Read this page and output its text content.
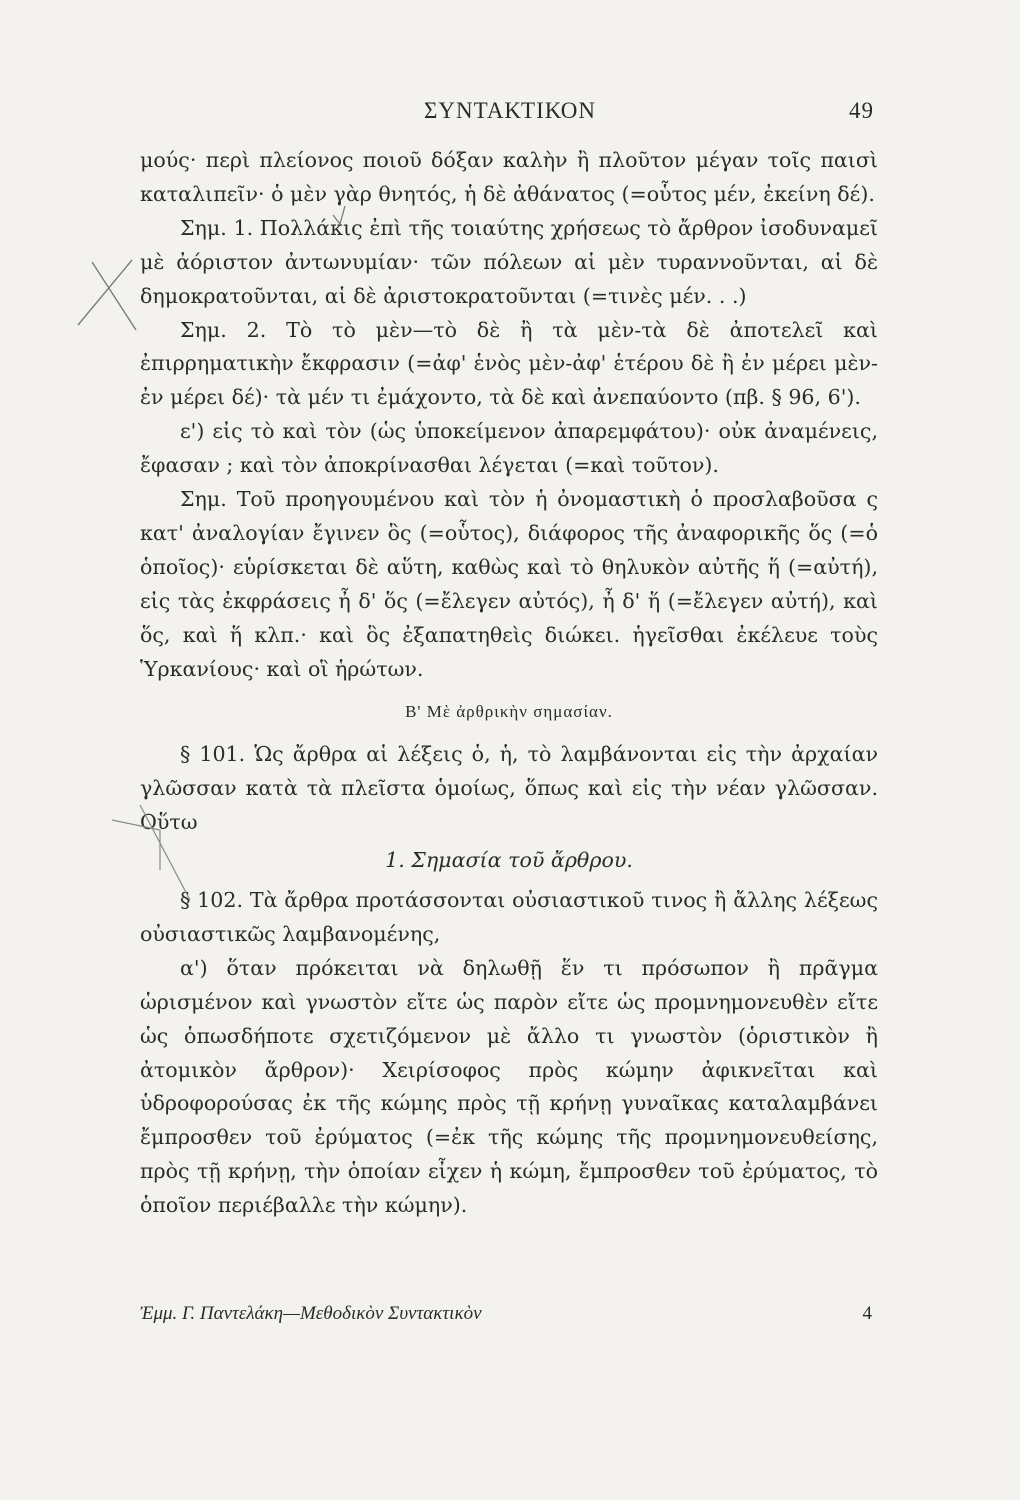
ΣΥΝΤΑΚΤΙΚΟΝ	49

μούς· περὶ πλείονος ποιοῦ δόξαν καλὴν ἢ πλοῦτον μέγαν τοῖς παισὶ καταλιπεῖν· ὁ μὲν γὰρ θνητός, ἡ δὲ ἀθάνατος (=οὗτος μέν, ἐκείνη δέ).

Σημ. 1. Πολλάκις ἐπὶ τῆς τοιαύτης χρήσεως τὸ ἄρθρον ἰσοδυναμεῖ μὲ ἀόριστον ἀντωνυμίαν· τῶν πόλεων αἱ μὲν τυραννοῦνται, αἱ δὲ δημοκρατοῦνται, αἱ δὲ ἀριστοκρατοῦνται (=τινὲς μέν. . .)

Σημ. 2. Τὸ τὸ μὲν—τὸ δὲ ἢ τὰ μὲν-τὰ δὲ ἀποτελεῖ καὶ ἐπιρρηματικὴν ἔκφρασιν (=ἀφ' ἑνὸς μὲν-ἀφ' ἑτέρου δὲ ἢ ἐν μέρει μὲν-ἐν μέρει δέ)· τὰ μέν τι ἐμάχοντο, τὰ δὲ καὶ ἀνεπαύοντο (πβ. § 96, 6').

ε') εἰς τὸ καὶ τὸν (ὡς ὑποκείμενον ἀπαρεμφάτου)· οὐκ ἀναμένεις, ἔφασαν ; καὶ τὸν ἀποκρίνασθαι λέγεται (=καὶ τοῦτον).

Σημ. Τοῦ προηγουμένου καὶ τὸν ἡ ὀνομαστικὴ ὁ προσλαβοῦσα ς κατ' ἀναλογίαν ἔγινεν ὃς (=οὗτος), διάφορος τῆς ἀναφορικῆς ὅς (=ὁ ὁποῖος)· εὑρίσκεται δὲ αὕτη, καθὼς καὶ τὸ θηλυκὸν αὐτῆς ἥ (=αὐτή), εἰς τὰς ἐκφράσεις ἦ δ' ὅς (=ἔλεγεν αὐτός), ἦ δ' ἥ (=ἔλεγεν αὐτή), καὶ ὅς, καὶ ἥ κλπ.· καὶ ὃς ἐξαπατηθεὶς διώκει. ἡγεῖσθαι ἐκέλευε τοὺς Ὑρκανίους· καὶ οἳ ἡρώτων.

Β' Μὲ ἀρθρικὴν σημασίαν.

§ 101. Ὡς ἄρθρα αἱ λέξεις ὁ, ἡ, τὸ λαμβάνονται εἰς τὴν ἀρχαίαν γλῶσσαν κατὰ τὰ πλεῖστα ὁμοίως, ὅπως καὶ εἰς τὴν νέαν γλῶσσαν. Οὕτω

1. Σημασία τοῦ ἄρθρου.

§ 102. Τὰ ἄρθρα προτάσσονται οὐσιαστικοῦ τινος ἢ ἄλλης λέξεως οὐσιαστικῶς λαμβανομένης,

α') ὅταν πρόκειται νὰ δηλωθῇ ἕν τι πρόσωπον ἢ πρᾶγμα ὡρισμένον καὶ γνωστὸν εἴτε ὡς παρὸν εἴτε ὡς προμνημονευθὲν εἴτε ὡς ὁπωσδήποτε σχετιζόμενον μὲ ἄλλο τι γνωστὸν (ὁριστικὸν ἢ ἀτομικὸν ἄρθρον)· Χειρίσοφος πρὸς κώμην ἀφικνεῖται καὶ ὑδροφορούσας ἐκ τῆς κώμης πρὸς τῇ κρήνῃ γυναῖκας καταλαμβάνει ἔμπροσθεν τοῦ ἐρύματος (=ἐκ τῆς κώμης τῆς προμνημονευθείσης, πρὸς τῇ κρήνῃ, τὴν ὁποίαν εἶχεν ἡ κώμη, ἔμπροσθεν τοῦ ἐρύματος, τὸ ὁποῖον περιέβαλλε τὴν κώμην).

Ἐμμ. Γ. Παντελάκη—Μεθοδικὸν Συντακτικὸν	4
